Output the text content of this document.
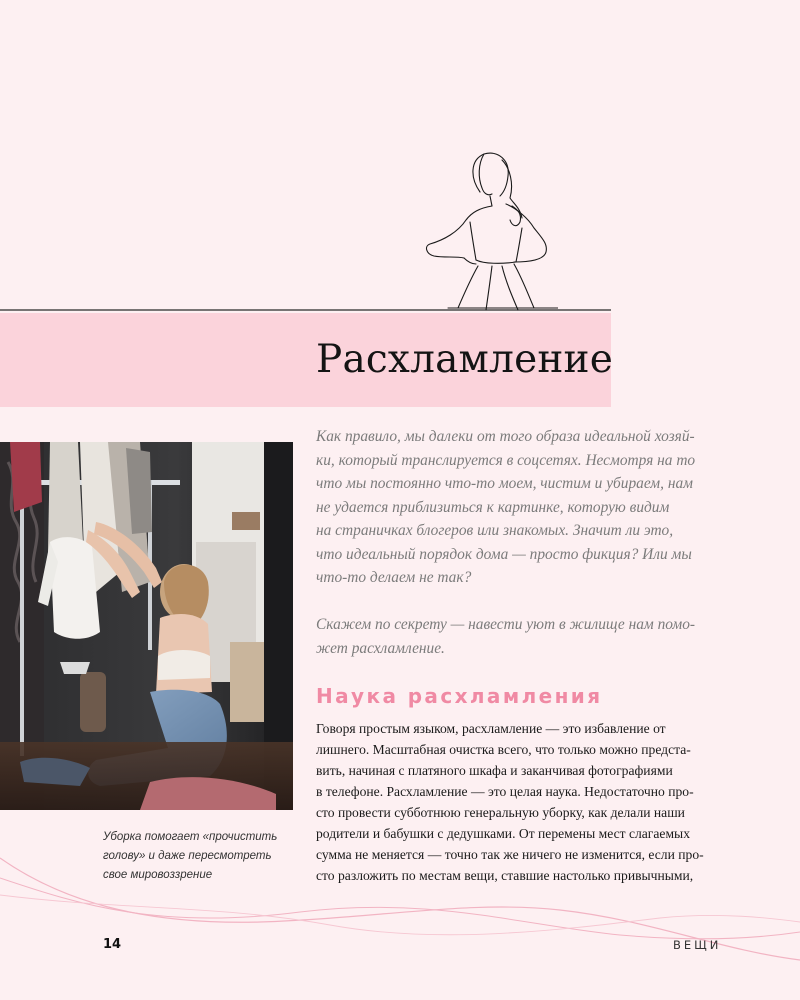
Расхламление
Уборка помогает «прочистить
голову» и даже пересмотреть
свое мировоззрение

Как правило, мы далеки от того образа идеальной хозяй-
ки, который транслируется в соцсетях. Несмотря на то
что мы постоянно что-то моем, чистим и убираем, нам
не удается приблизиться к картинке, которую видим
на страничках блогеров или знакомых. Значит ли это,
что идеальный порядок дома — просто фикция? Или мы
что-то делаем не так?

Скажем по секрету — навести уют в жилище нам помо-
жет расхламление.

Наука расхламления
Говоря простым языком, расхламление — это избавление от
лишнего. Масштабная очистка всего, что только можно предста-
вить, начиная с платяного шкафа и заканчивая фотографиями
в телефоне. Расхламление — это целая наука. Недостаточно про-
сто провести субботнюю генеральную уборку, как делали наши
родители и бабушки с дедушками. От перемены мест слагаемых
сумма не меняется — точно так же ничего не изменится, если про-
сто разложить по местам вещи, ставшие настолько привычными,
14	ВЕЩИ
